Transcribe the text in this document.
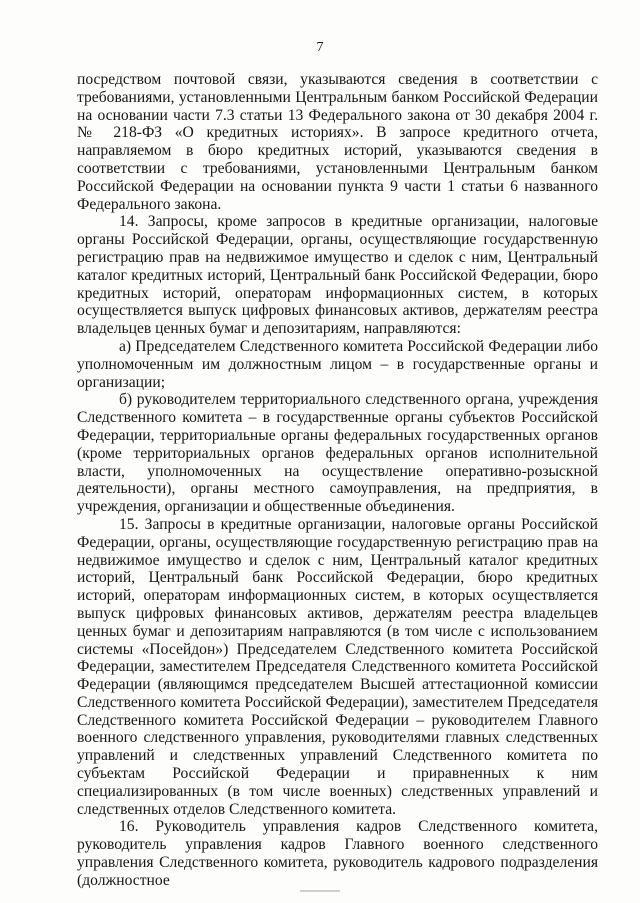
7

посредством почтовой связи, указываются сведения в соответствии с требованиями, установленными Центральным банком Российской Федерации на основании части 7.3 статьи 13 Федерального закона от 30 декабря 2004 г. № 218-ФЗ «О кредитных историях». В запросе кредитного отчета, направляемом в бюро кредитных историй, указываются сведения в соответствии с требованиями, установленными Центральным банком Российской Федерации на основании пункта 9 части 1 статьи 6 названного Федерального закона.

14. Запросы, кроме запросов в кредитные организации, налоговые органы Российской Федерации, органы, осуществляющие государственную регистрацию прав на недвижимое имущество и сделок с ним, Центральный каталог кредитных историй, Центральный банк Российской Федерации, бюро кредитных историй, операторам информационных систем, в которых осуществляется выпуск цифровых финансовых активов, держателям реестра владельцев ценных бумаг и депозитариям, направляются:

а) Председателем Следственного комитета Российской Федерации либо уполномоченным им должностным лицом – в государственные органы и организации;

б) руководителем территориального следственного органа, учреждения Следственного комитета – в государственные органы субъектов Российской Федерации, территориальные органы федеральных государственных органов (кроме территориальных органов федеральных органов исполнительной власти, уполномоченных на осуществление оперативно-розыскной деятельности), органы местного самоуправления, на предприятия, в учреждения, организации и общественные объединения.

15. Запросы в кредитные организации, налоговые органы Российской Федерации, органы, осуществляющие государственную регистрацию прав на недвижимое имущество и сделок с ним, Центральный каталог кредитных историй, Центральный банк Российской Федерации, бюро кредитных историй, операторам информационных систем, в которых осуществляется выпуск цифровых финансовых активов, держателям реестра владельцев ценных бумаг и депозитариям направляются (в том числе с использованием системы «Посейдон») Председателем Следственного комитета Российской Федерации, заместителем Председателя Следственного комитета Российской Федерации (являющимся председателем Высшей аттестационной комиссии Следственного комитета Российской Федерации), заместителем Председателя Следственного комитета Российской Федерации – руководителем Главного военного следственного управления, руководителями главных следственных управлений и следственных управлений Следственного комитета по субъектам Российской Федерации и приравненных к ним специализированных (в том числе военных) следственных управлений и следственных отделов Следственного комитета.

16. Руководитель управления кадров Следственного комитета, руководитель управления кадров Главного военного следственного управления Следственного комитета, руководитель кадрового подразделения (должностное
